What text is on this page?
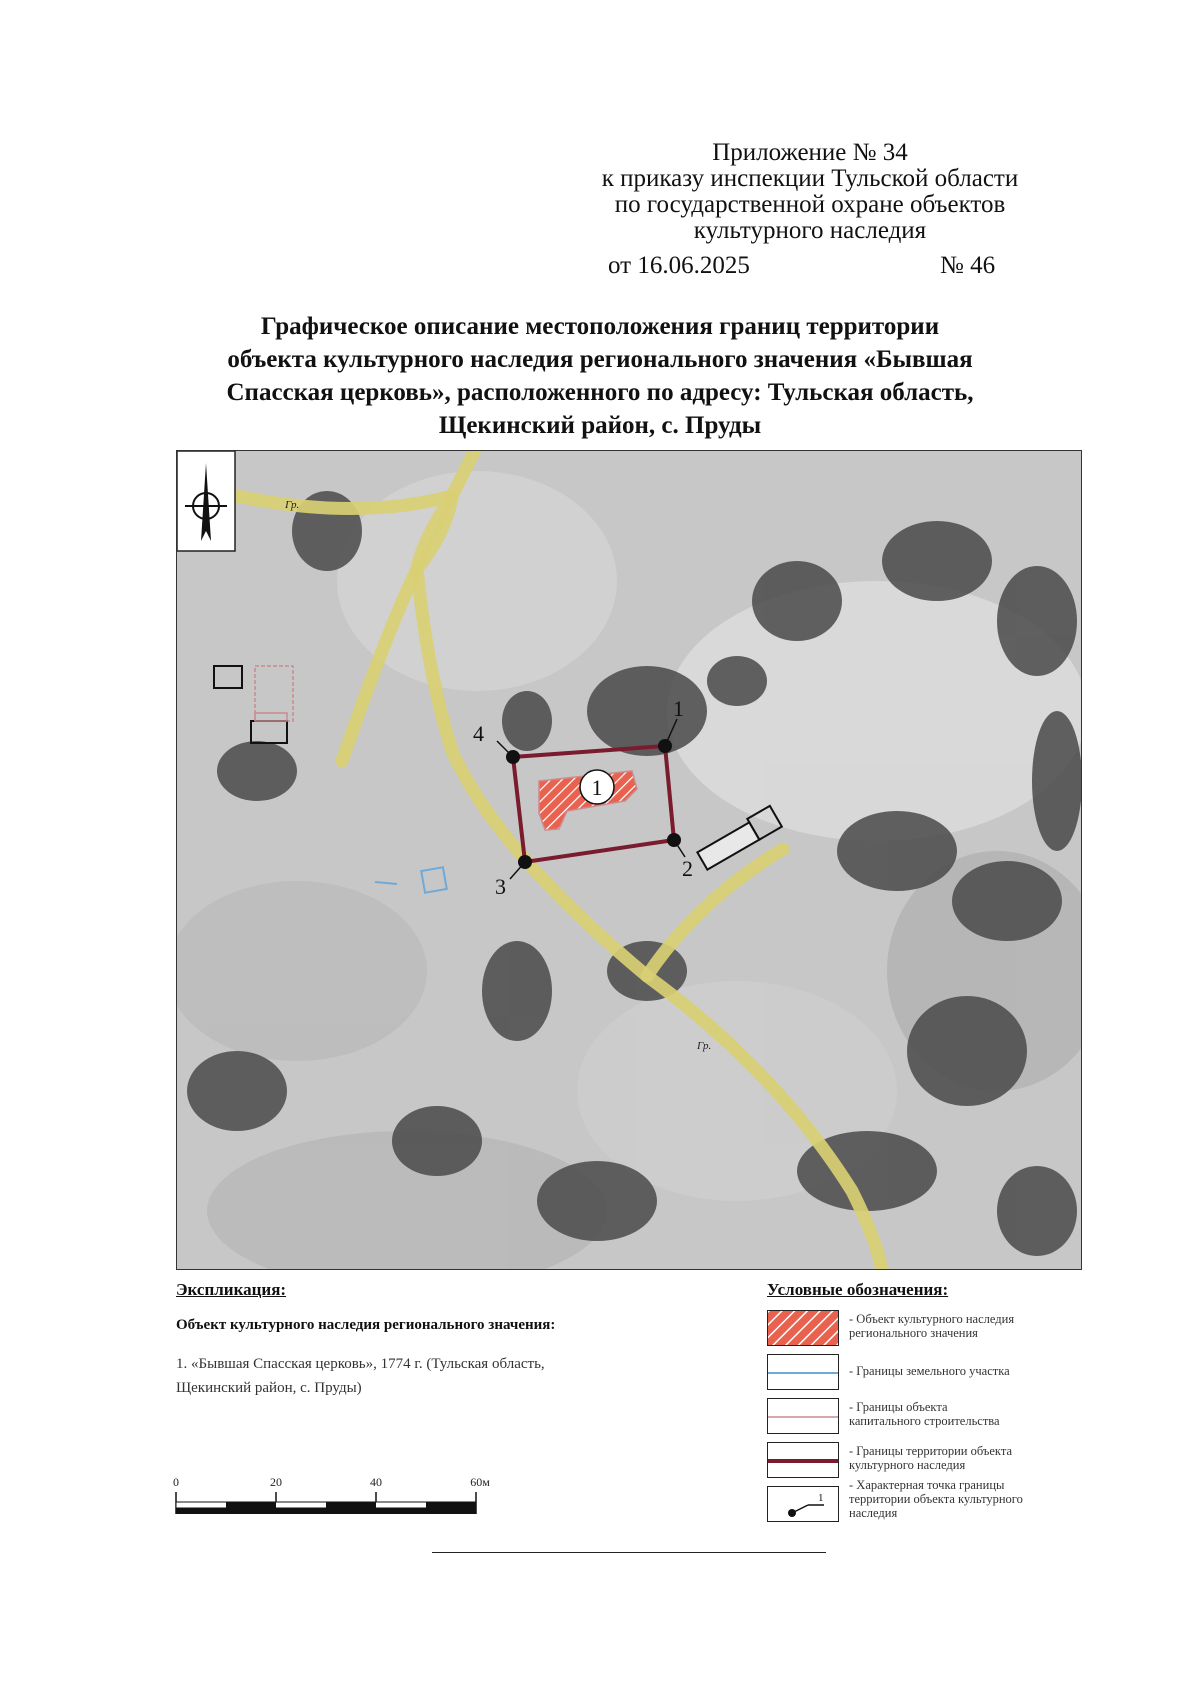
Приложение № 34
к приказу инспекции Тульской области
по государственной охране объектов
культурного наследия
от 16.06.2025	№ 46
Графическое описание местоположения границ территории
объекта культурного наследия регионального значения «Бывшая
Спасская церковь», расположенного по адресу: Тульская область,
Щекинский район, с. Пруды
Гр.
Гр.
1
1
2
3
4
Экспликация:
Объект культурного наследия регионального значения:
1. «Бывшая Спасская церковь», 1774 г. (Тульская область,
Щекинский район, с. Пруды)
Условные обозначения:
- Объект культурного наследия
регионального значения
- Границы земельного участка
- Границы объекта
капитального строительства
- Границы территории объекта
культурного наследия
1
- Характерная точка границы
территории объекта культурного
наследия
0	20	40	60м
